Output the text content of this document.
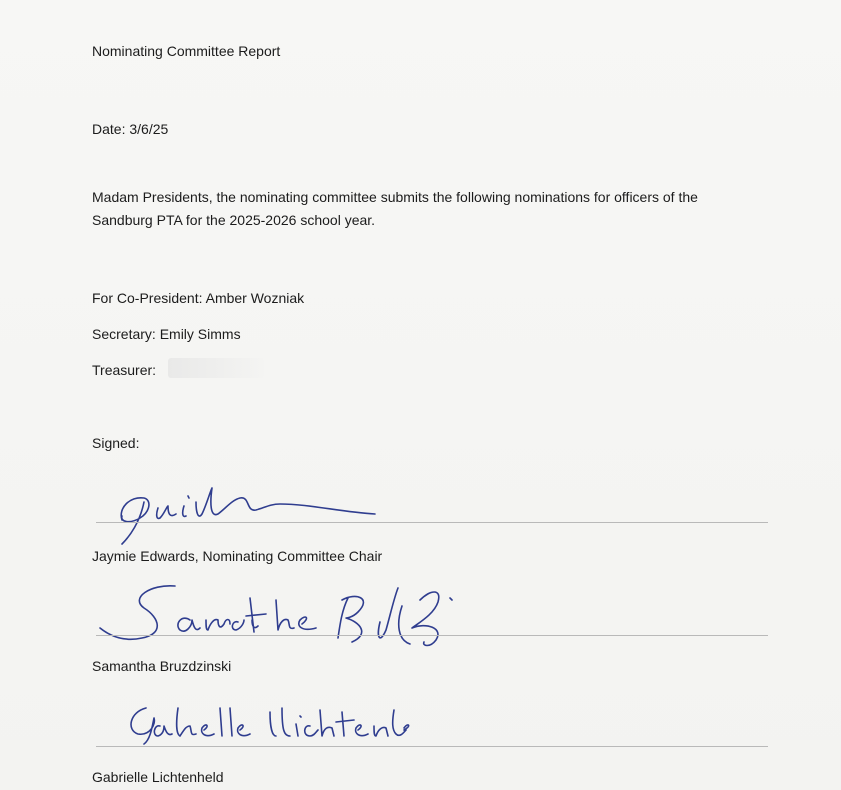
Nominating Committee Report
Date: 3/6/25
Madam Presidents, the nominating committee submits the following nominations for officers of the
Sandburg PTA for the 2025-2026 school year.
For Co-President: Amber Wozniak
Secretary: Emily Simms
Treasurer:
Signed:
Jaymie Edwards, Nominating Committee Chair
Samantha Bruzdzinski
Gabrielle Lichtenheld
